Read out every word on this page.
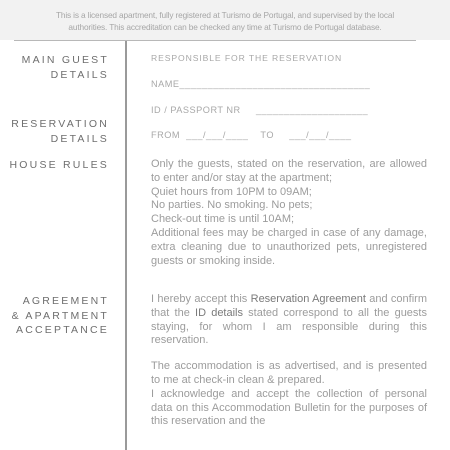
This is a licensed apartment, fully registered at Turismo de Portugal, and supervised by the local
authorities. This accreditation can be checked any time at Turismo de Portugal database.
MAIN GUEST
DETAILS
RESERVATION
DETAILS
HOUSE RULES
AGREEMENT
& APARTMENT
ACCEPTANCE
RESPONSIBLE FOR THE RESERVATION
NAME__________________________________
ID / PASSPORT NR     ____________________
FROM  ___/___/____    TO     ___/___/____
Only the guests, stated on the reservation, are allowed to enter and/or stay at the apartment;
Quiet hours from 10PM to 09AM;
No parties. No smoking. No pets;
Check-out time is until 10AM;
Additional fees may be charged in case of any damage, extra cleaning due to unauthorized pets, unregistered guests or smoking inside.
I hereby accept this Reservation Agreement and confirm that the ID details stated correspond to all the guests staying, for whom I am responsible during this reservation.
The accommodation is as advertised, and is presented to me at check-in clean & prepared.
I acknowledge and accept the collection of personal data on this Accommodation Bulletin for the purposes of this reservation and the
